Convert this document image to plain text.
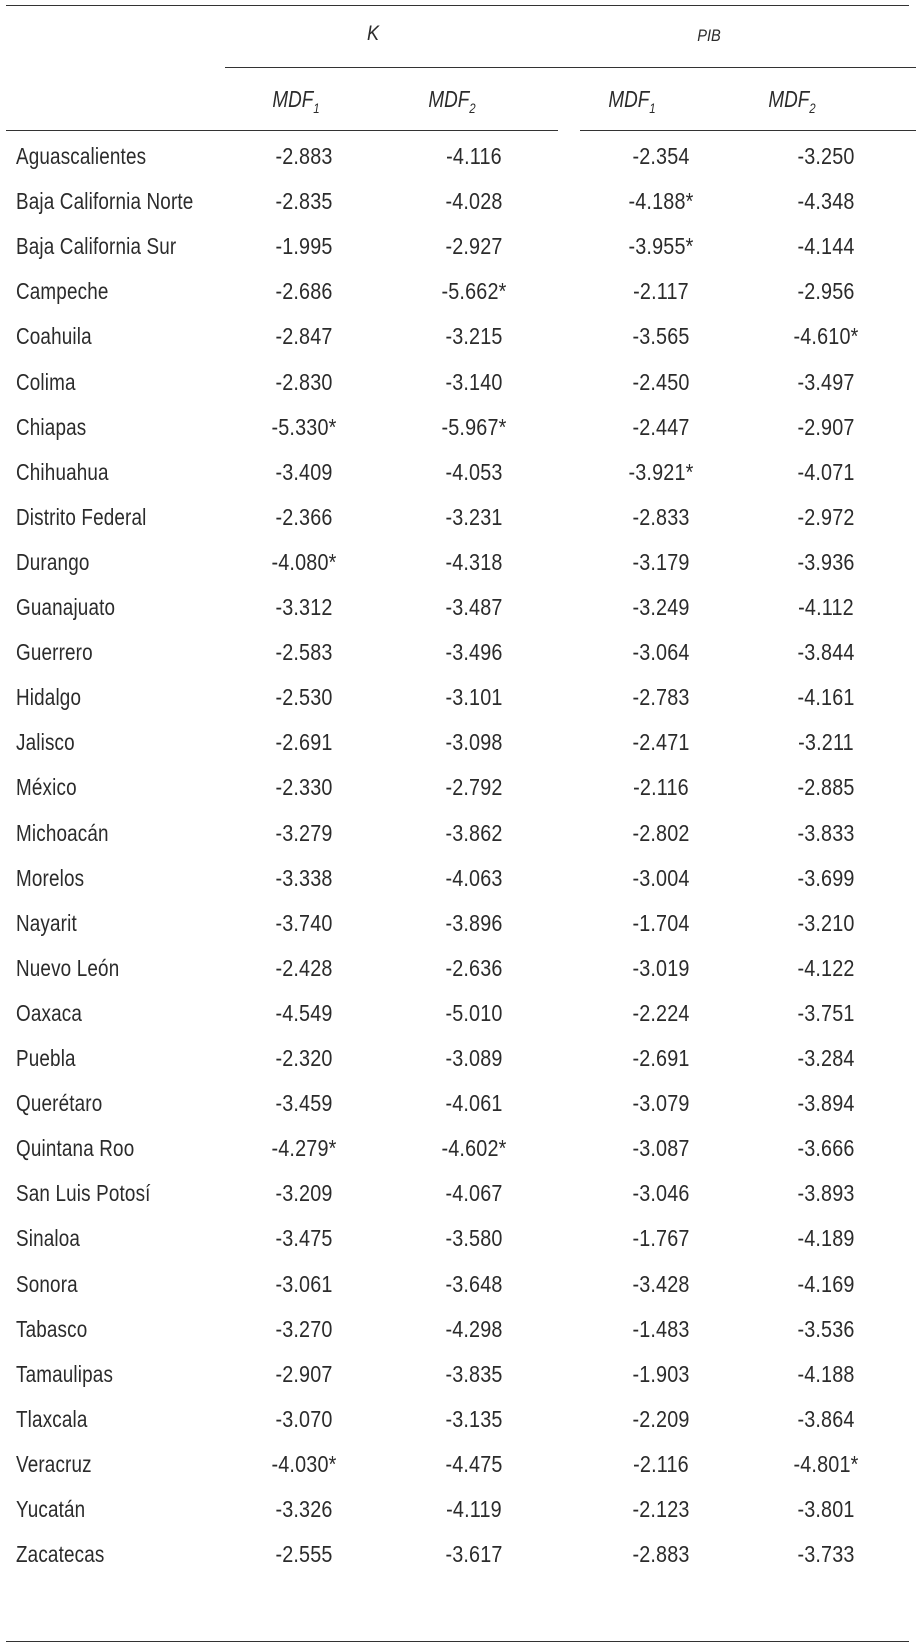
K	PIB
$MDF_1$	$MDF_2$	$MDF_1$	$MDF_2$
Aguascalientes	-2.883	-4.116	-2.354	-3.250
Baja California Norte	-2.835	-4.028	-4.188*	-4.348
Baja California Sur	-1.995	-2.927	-3.955*	-4.144
Campeche	-2.686	-5.662*	-2.117	-2.956
Coahuila	-2.847	-3.215	-3.565	-4.610*
Colima	-2.830	-3.140	-2.450	-3.497
Chiapas	-5.330*	-5.967*	-2.447	-2.907
Chihuahua	-3.409	-4.053	-3.921*	-4.071
Distrito Federal	-2.366	-3.231	-2.833	-2.972
Durango	-4.080*	-4.318	-3.179	-3.936
Guanajuato	-3.312	-3.487	-3.249	-4.112
Guerrero	-2.583	-3.496	-3.064	-3.844
Hidalgo	-2.530	-3.101	-2.783	-4.161
Jalisco	-2.691	-3.098	-2.471	-3.211
México	-2.330	-2.792	-2.116	-2.885
Michoacán	-3.279	-3.862	-2.802	-3.833
Morelos	-3.338	-4.063	-3.004	-3.699
Nayarit	-3.740	-3.896	-1.704	-3.210
Nuevo León	-2.428	-2.636	-3.019	-4.122
Oaxaca	-4.549	-5.010	-2.224	-3.751
Puebla	-2.320	-3.089	-2.691	-3.284
Querétaro	-3.459	-4.061	-3.079	-3.894
Quintana Roo	-4.279*	-4.602*	-3.087	-3.666
San Luis Potosí	-3.209	-4.067	-3.046	-3.893
Sinaloa	-3.475	-3.580	-1.767	-4.189
Sonora	-3.061	-3.648	-3.428	-4.169
Tabasco	-3.270	-4.298	-1.483	-3.536
Tamaulipas	-2.907	-3.835	-1.903	-4.188
Tlaxcala	-3.070	-3.135	-2.209	-3.864
Veracruz	-4.030*	-4.475	-2.116	-4.801*
Yucatán	-3.326	-4.119	-2.123	-3.801
Zacatecas	-2.555	-3.617	-2.883	-3.733
